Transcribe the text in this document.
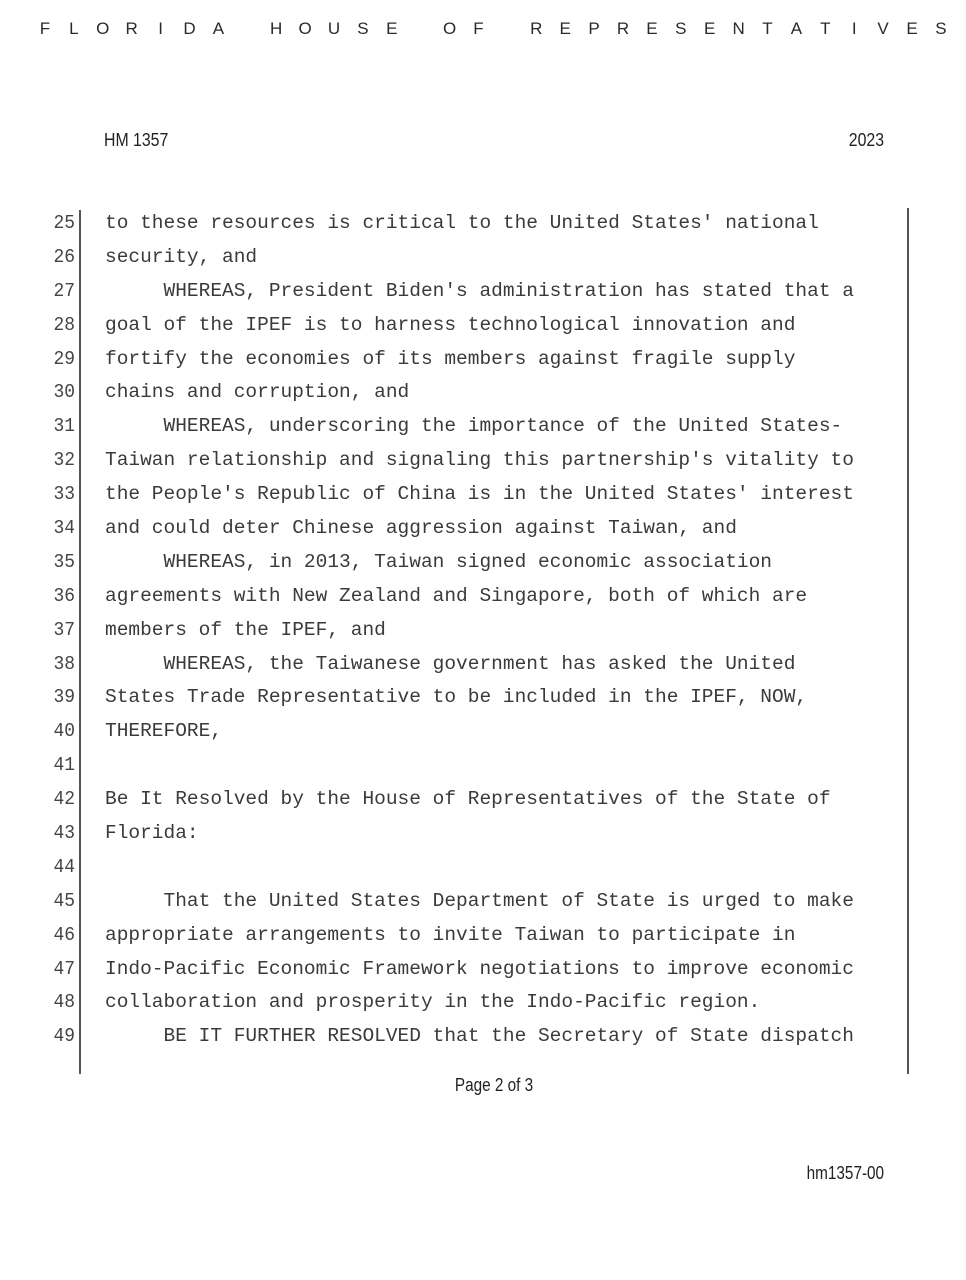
F L O R I D A
	H O U S E
	O F
	R E P R E S E N T A T I V E S
HM 1357	2023
25 to these resources is critical to the United States' national
26 security, and
27 WHEREAS, President Biden's administration has stated that a
28 goal of the IPEF is to harness technological innovation and
29 fortify the economies of its members against fragile supply
30 chains and corruption, and
31 WHEREAS, underscoring the importance of the United States-
32 Taiwan relationship and signaling this partnership's vitality to
33 the People's Republic of China is in the United States' interest
34 and could deter Chinese aggression against Taiwan, and
35 WHEREAS, in 2013, Taiwan signed economic association
36 agreements with New Zealand and Singapore, both of which are
37 members of the IPEF, and
38 WHEREAS, the Taiwanese government has asked the United
39 States Trade Representative to be included in the IPEF, NOW,
40 THEREFORE,
41
42 Be It Resolved by the House of Representatives of the State of
43 Florida:
44
45 That the United States Department of State is urged to make
46 appropriate arrangements to invite Taiwan to participate in
47 Indo-Pacific Economic Framework negotiations to improve economic
48 collaboration and prosperity in the Indo-Pacific region.
49 BE IT FURTHER RESOLVED that the Secretary of State dispatch
Page 2 of 3
hm1357-00
